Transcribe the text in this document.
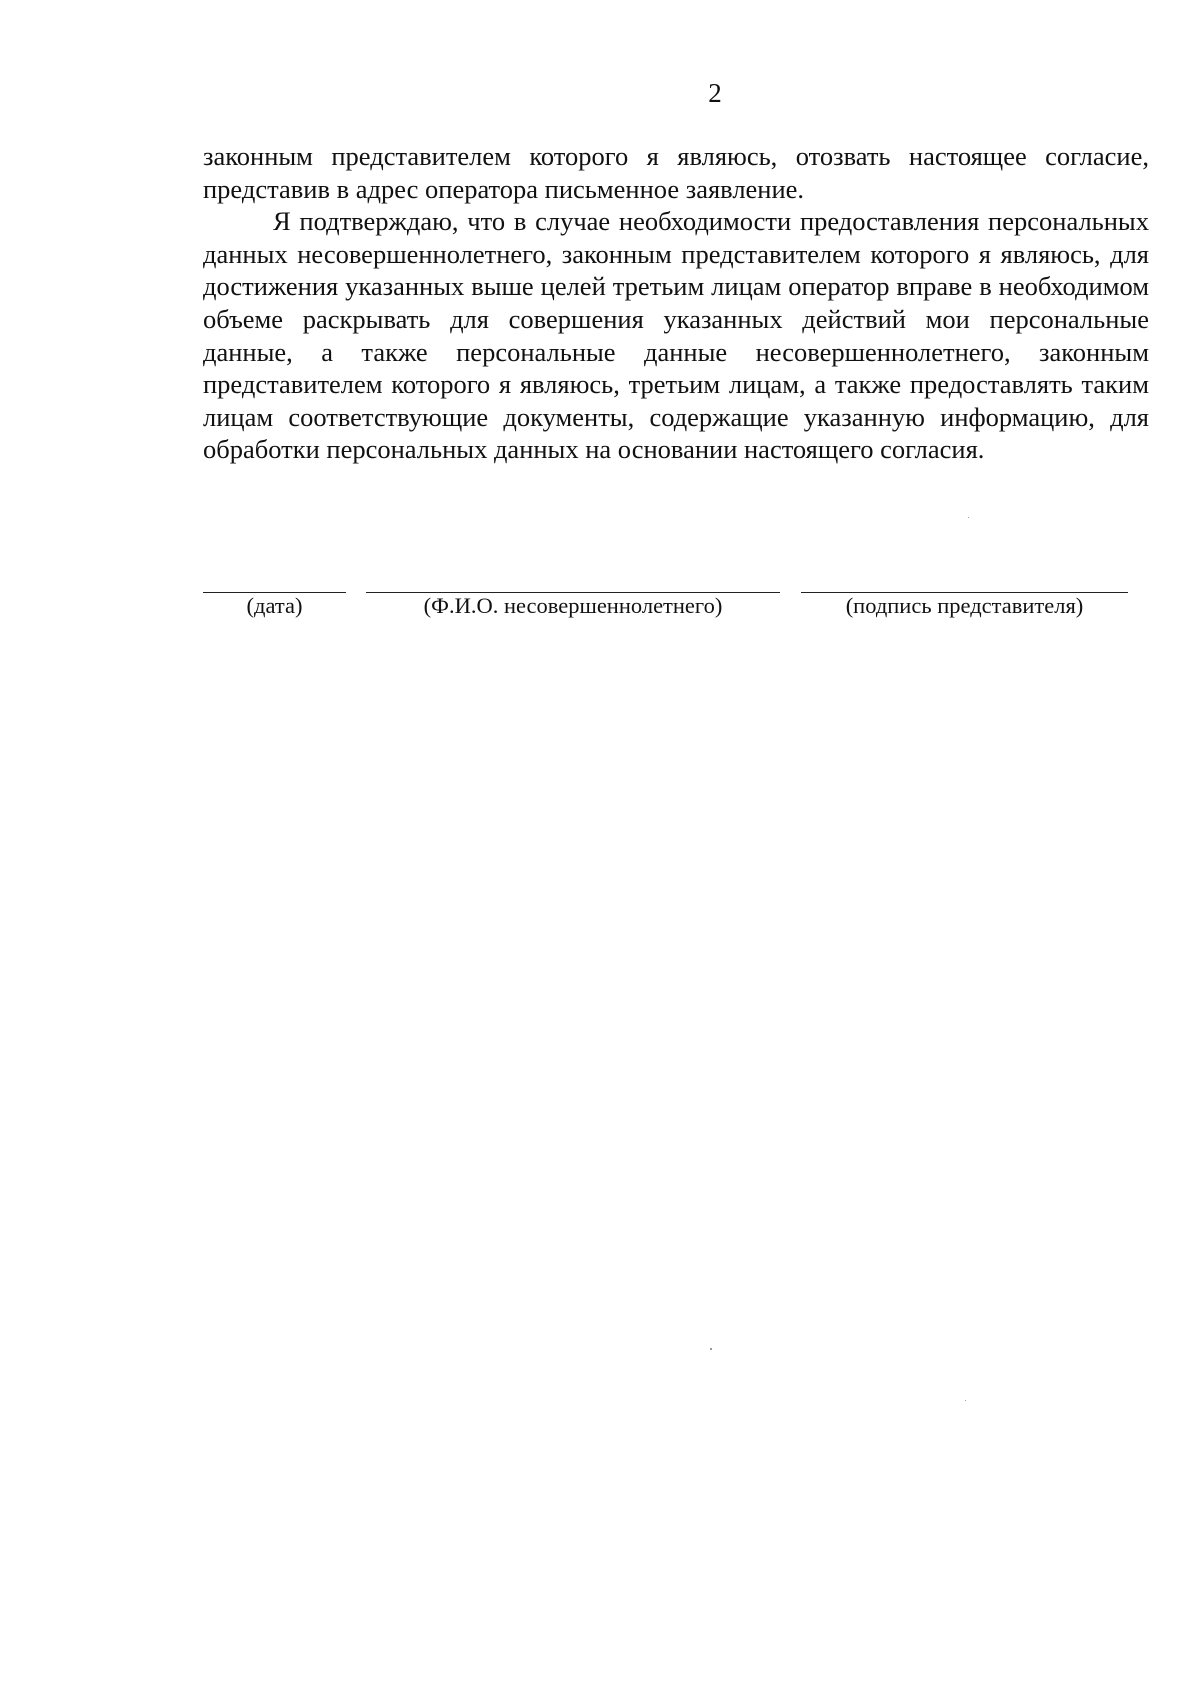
2

законным представителем которого я являюсь, отозвать настоящее согласие, представив в адрес оператора письменное заявление.

Я подтверждаю, что в случае необходимости предоставления персональных данных несовершеннолетнего, законным представителем которого я являюсь, для достижения указанных выше целей третьим лицам оператор вправе в необходимом объеме раскрывать для совершения указанных действий мои персональные данные, а также персональные данные несовершеннолетнего, законным представителем которого я являюсь, третьим лицам, а также предоставлять таким лицам соответствующие документы, содержащие указанную информацию, для обработки персональных данных на основании настоящего согласия.

(дата)	(Ф.И.О. несовершеннолетнего)	(подпись представителя)
